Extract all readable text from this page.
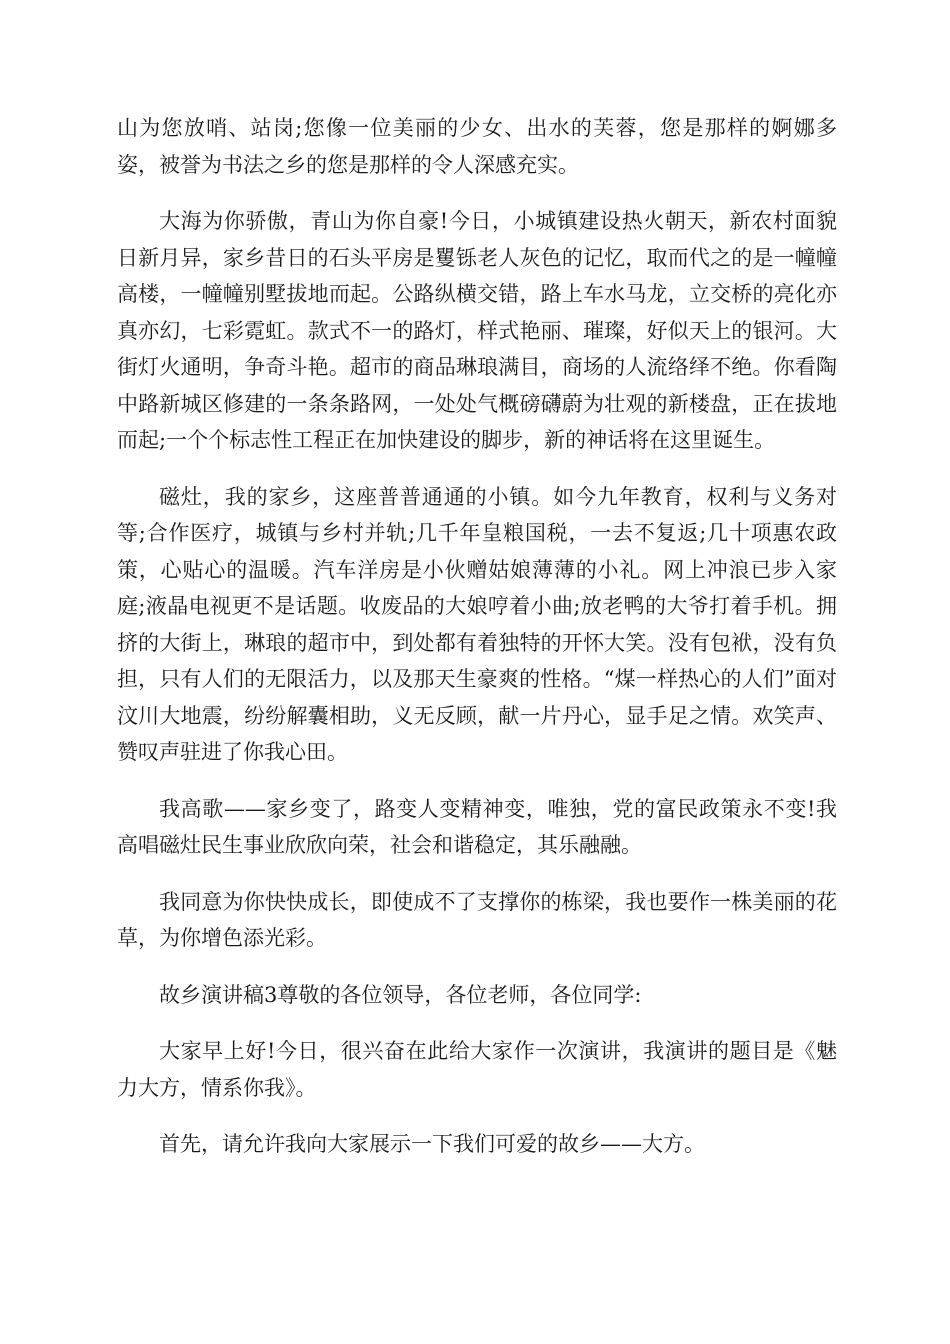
山为您放哨、站岗;您像一位美丽的少女、出水的芙蓉，您是那样的婀娜多姿，被誉为书法之乡的您是那样的令人深感充实。

大海为你骄傲，青山为你自豪!今日，小城镇建设热火朝天，新农村面貌日新月异，家乡昔日的石头平房是矍铄老人灰色的记忆，取而代之的是一幢幢高楼，一幢幢别墅拔地而起。公路纵横交错，路上车水马龙，立交桥的亮化亦真亦幻，七彩霓虹。款式不一的路灯，样式艳丽、璀璨，好似天上的银河。大街灯火通明，争奇斗艳。超市的商品琳琅满目，商场的人流络绎不绝。你看陶中路新城区修建的一条条路网，一处处气概磅礴蔚为壮观的新楼盘，正在拔地而起;一个个标志性工程正在加快建设的脚步，新的神话将在这里诞生。

磁灶，我的家乡，这座普普通通的小镇。如今九年教育，权利与义务对等;合作医疗，城镇与乡村并轨;几千年皇粮国税，一去不复返;几十项惠农政策，心贴心的温暖。汽车洋房是小伙赠姑娘薄薄的小礼。网上冲浪已步入家庭;液晶电视更不是话题。收废品的大娘哼着小曲;放老鸭的大爷打着手机。拥挤的大街上，琳琅的超市中，到处都有着独特的开怀大笑。没有包袱，没有负担，只有人们的无限活力，以及那天生豪爽的性格。“煤一样热心的人们”面对汶川大地震，纷纷解囊相助，义无反顾，献一片丹心，显手足之情。欢笑声、赞叹声驻进了你我心田。

我高歌——家乡变了，路变人变精神变，唯独，党的富民政策永不变!我高唱磁灶民生事业欣欣向荣，社会和谐稳定，其乐融融。

我同意为你快快成长，即使成不了支撑你的栋梁，我也要作一株美丽的花草，为你增色添光彩。

故乡演讲稿3尊敬的各位领导，各位老师，各位同学:

大家早上好!今日，很兴奋在此给大家作一次演讲，我演讲的题目是《魅力大方，情系你我》。

首先，请允许我向大家展示一下我们可爱的故乡——大方。
